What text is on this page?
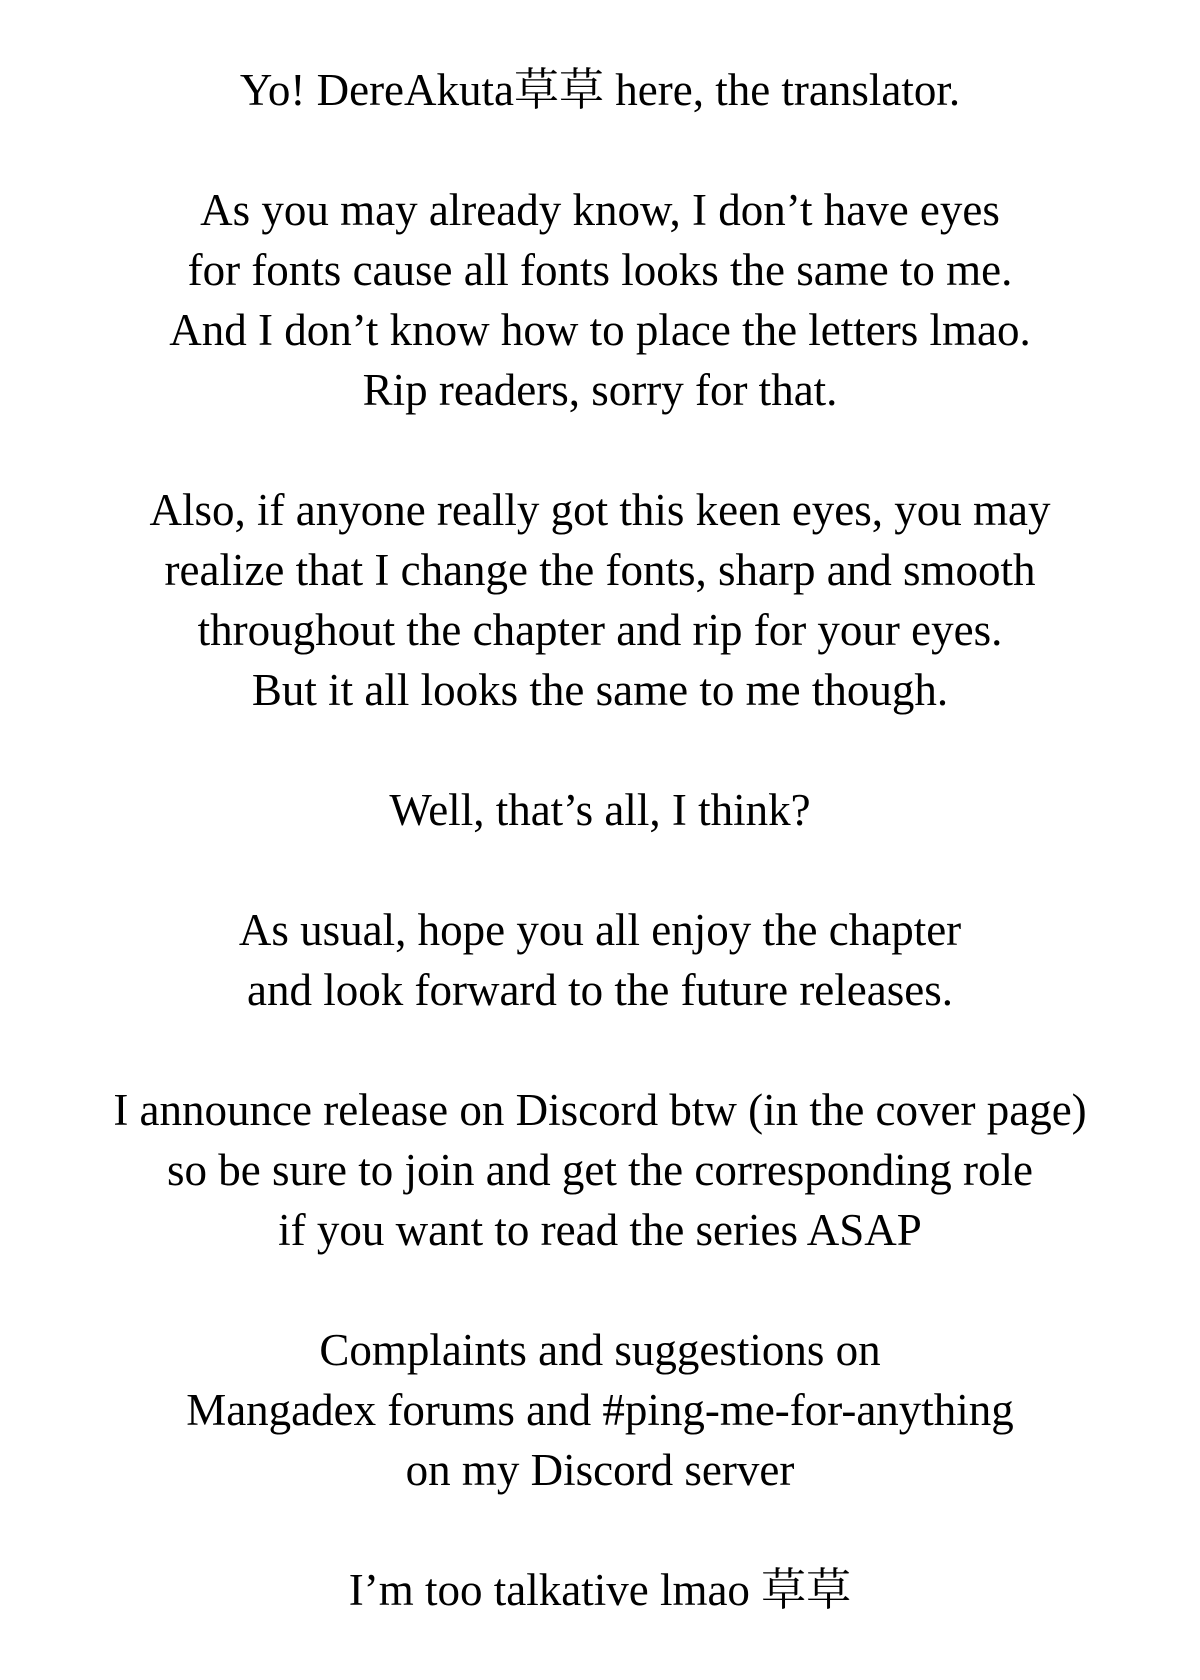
Yo! DereAkuta草草 here, the translator.
As you may already know, I don’t have eyes
for fonts cause all fonts looks the same to me.
And I don’t know how to place the letters lmao.
Rip readers, sorry for that.
Also, if anyone really got this keen eyes, you may
realize that I change the fonts, sharp and smooth
throughout the chapter and rip for your eyes.
But it all looks the same to me though.
Well, that’s all, I think?
As usual, hope you all enjoy the chapter
and look forward to the future releases.
I announce release on Discord btw (in the cover page)
so be sure to join and get the corresponding role
if you want to read the series ASAP
Complaints and suggestions on
Mangadex forums and #ping-me-for-anything
on my Discord server
I’m too talkative lmao 草草
